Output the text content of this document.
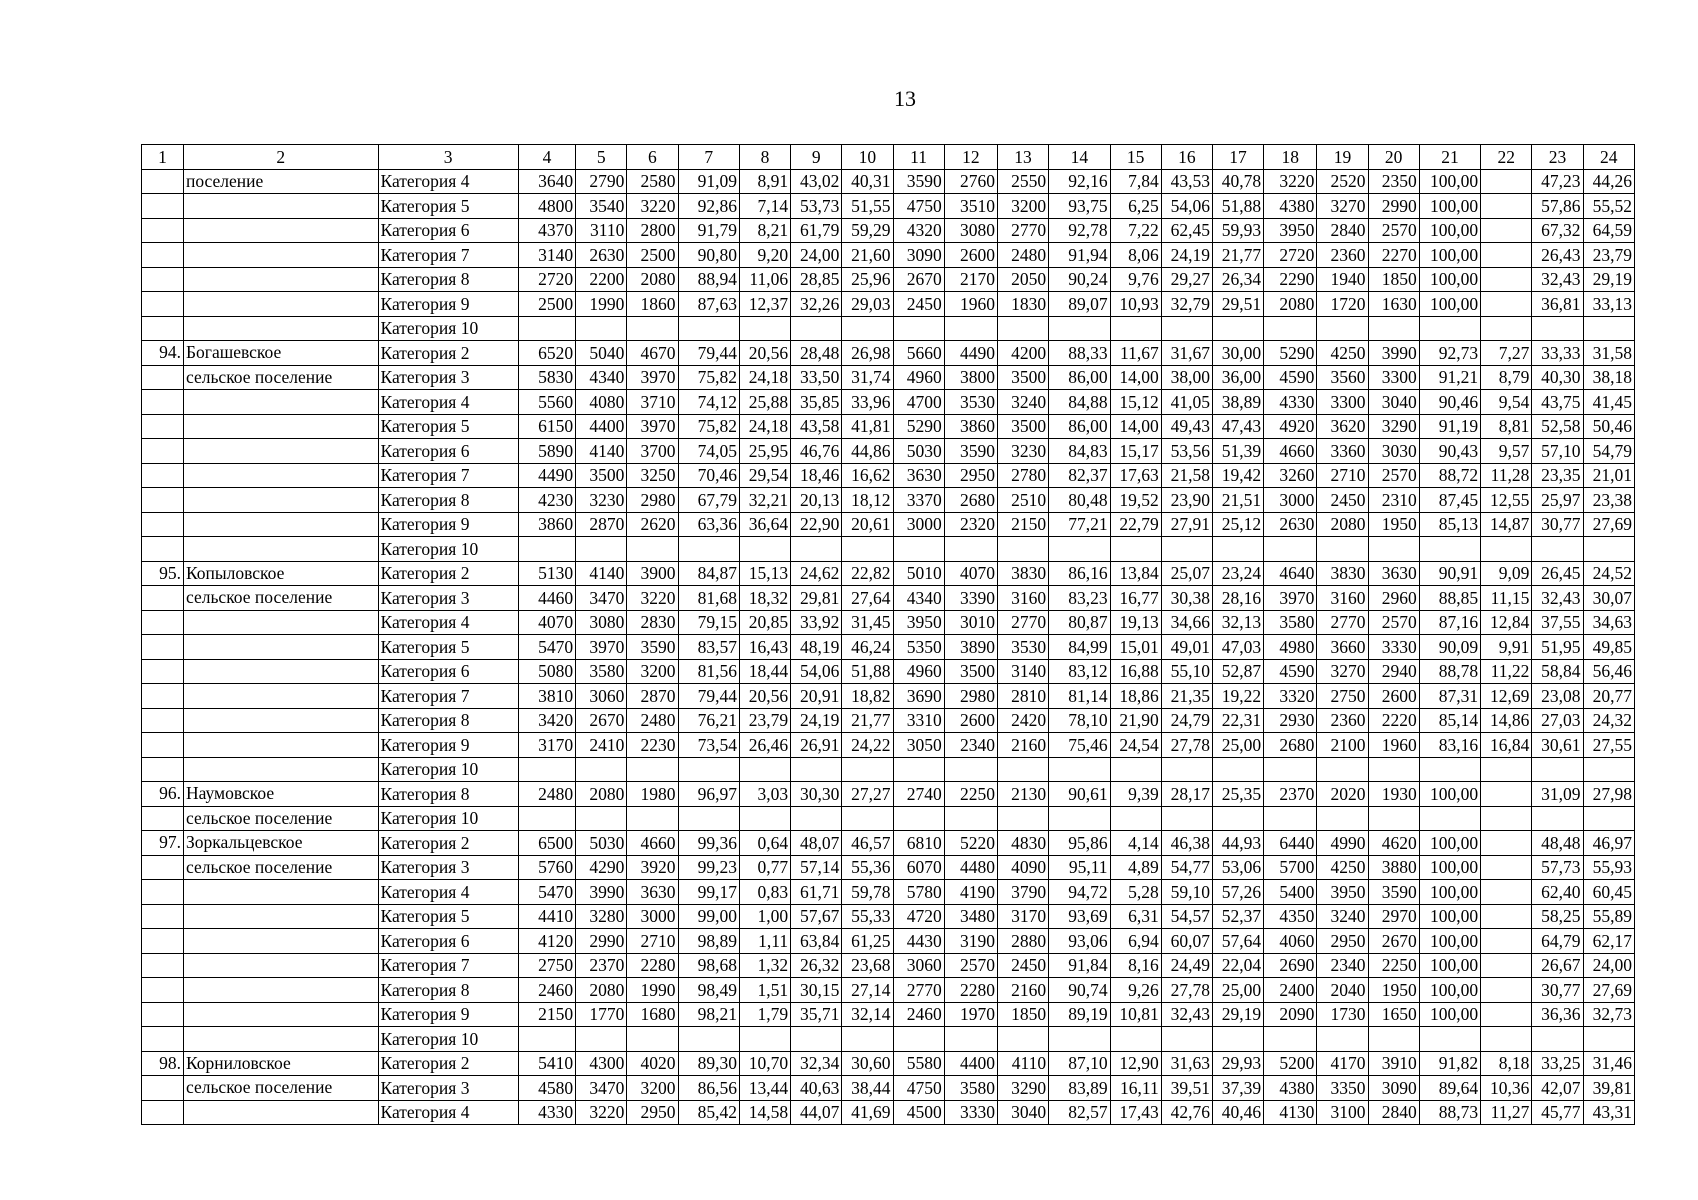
13
1	2	3	4	5	6	7	8	9	10	11	12	13	14	15	16	17	18	19	20	21	22	23	24
	поселение	Категория 4	3640	2790	2580	91,09	8,91	43,02	40,31	3590	2760	2550	92,16	7,84	43,53	40,78	3220	2520	2350	100,00		47,23	44,26
		Категория 5	4800	3540	3220	92,86	7,14	53,73	51,55	4750	3510	3200	93,75	6,25	54,06	51,88	4380	3270	2990	100,00		57,86	55,52
		Категория 6	4370	3110	2800	91,79	8,21	61,79	59,29	4320	3080	2770	92,78	7,22	62,45	59,93	3950	2840	2570	100,00		67,32	64,59
		Категория 7	3140	2630	2500	90,80	9,20	24,00	21,60	3090	2600	2480	91,94	8,06	24,19	21,77	2720	2360	2270	100,00		26,43	23,79
		Категория 8	2720	2200	2080	88,94	11,06	28,85	25,96	2670	2170	2050	90,24	9,76	29,27	26,34	2290	1940	1850	100,00		32,43	29,19
		Категория 9	2500	1990	1860	87,63	12,37	32,26	29,03	2450	1960	1830	89,07	10,93	32,79	29,51	2080	1720	1630	100,00		36,81	33,13
		Категория 10																					
94.	Богашевское	Категория 2	6520	5040	4670	79,44	20,56	28,48	26,98	5660	4490	4200	88,33	11,67	31,67	30,00	5290	4250	3990	92,73	7,27	33,33	31,58
	сельское поселение	Категория 3	5830	4340	3970	75,82	24,18	33,50	31,74	4960	3800	3500	86,00	14,00	38,00	36,00	4590	3560	3300	91,21	8,79	40,30	38,18
		Категория 4	5560	4080	3710	74,12	25,88	35,85	33,96	4700	3530	3240	84,88	15,12	41,05	38,89	4330	3300	3040	90,46	9,54	43,75	41,45
		Категория 5	6150	4400	3970	75,82	24,18	43,58	41,81	5290	3860	3500	86,00	14,00	49,43	47,43	4920	3620	3290	91,19	8,81	52,58	50,46
		Категория 6	5890	4140	3700	74,05	25,95	46,76	44,86	5030	3590	3230	84,83	15,17	53,56	51,39	4660	3360	3030	90,43	9,57	57,10	54,79
		Категория 7	4490	3500	3250	70,46	29,54	18,46	16,62	3630	2950	2780	82,37	17,63	21,58	19,42	3260	2710	2570	88,72	11,28	23,35	21,01
		Категория 8	4230	3230	2980	67,79	32,21	20,13	18,12	3370	2680	2510	80,48	19,52	23,90	21,51	3000	2450	2310	87,45	12,55	25,97	23,38
		Категория 9	3860	2870	2620	63,36	36,64	22,90	20,61	3000	2320	2150	77,21	22,79	27,91	25,12	2630	2080	1950	85,13	14,87	30,77	27,69
		Категория 10																					
95.	Копыловское	Категория 2	5130	4140	3900	84,87	15,13	24,62	22,82	5010	4070	3830	86,16	13,84	25,07	23,24	4640	3830	3630	90,91	9,09	26,45	24,52
	сельское поселение	Категория 3	4460	3470	3220	81,68	18,32	29,81	27,64	4340	3390	3160	83,23	16,77	30,38	28,16	3970	3160	2960	88,85	11,15	32,43	30,07
		Категория 4	4070	3080	2830	79,15	20,85	33,92	31,45	3950	3010	2770	80,87	19,13	34,66	32,13	3580	2770	2570	87,16	12,84	37,55	34,63
		Категория 5	5470	3970	3590	83,57	16,43	48,19	46,24	5350	3890	3530	84,99	15,01	49,01	47,03	4980	3660	3330	90,09	9,91	51,95	49,85
		Категория 6	5080	3580	3200	81,56	18,44	54,06	51,88	4960	3500	3140	83,12	16,88	55,10	52,87	4590	3270	2940	88,78	11,22	58,84	56,46
		Категория 7	3810	3060	2870	79,44	20,56	20,91	18,82	3690	2980	2810	81,14	18,86	21,35	19,22	3320	2750	2600	87,31	12,69	23,08	20,77
		Категория 8	3420	2670	2480	76,21	23,79	24,19	21,77	3310	2600	2420	78,10	21,90	24,79	22,31	2930	2360	2220	85,14	14,86	27,03	24,32
		Категория 9	3170	2410	2230	73,54	26,46	26,91	24,22	3050	2340	2160	75,46	24,54	27,78	25,00	2680	2100	1960	83,16	16,84	30,61	27,55
		Категория 10																					
96.	Наумовское	Категория 8	2480	2080	1980	96,97	3,03	30,30	27,27	2740	2250	2130	90,61	9,39	28,17	25,35	2370	2020	1930	100,00		31,09	27,98
	сельское поселение	Категория 10																					
97.	Зоркальцевское	Категория 2	6500	5030	4660	99,36	0,64	48,07	46,57	6810	5220	4830	95,86	4,14	46,38	44,93	6440	4990	4620	100,00		48,48	46,97
	сельское поселение	Категория 3	5760	4290	3920	99,23	0,77	57,14	55,36	6070	4480	4090	95,11	4,89	54,77	53,06	5700	4250	3880	100,00		57,73	55,93
		Категория 4	5470	3990	3630	99,17	0,83	61,71	59,78	5780	4190	3790	94,72	5,28	59,10	57,26	5400	3950	3590	100,00		62,40	60,45
		Категория 5	4410	3280	3000	99,00	1,00	57,67	55,33	4720	3480	3170	93,69	6,31	54,57	52,37	4350	3240	2970	100,00		58,25	55,89
		Категория 6	4120	2990	2710	98,89	1,11	63,84	61,25	4430	3190	2880	93,06	6,94	60,07	57,64	4060	2950	2670	100,00		64,79	62,17
		Категория 7	2750	2370	2280	98,68	1,32	26,32	23,68	3060	2570	2450	91,84	8,16	24,49	22,04	2690	2340	2250	100,00		26,67	24,00
		Категория 8	2460	2080	1990	98,49	1,51	30,15	27,14	2770	2280	2160	90,74	9,26	27,78	25,00	2400	2040	1950	100,00		30,77	27,69
		Категория 9	2150	1770	1680	98,21	1,79	35,71	32,14	2460	1970	1850	89,19	10,81	32,43	29,19	2090	1730	1650	100,00		36,36	32,73
		Категория 10																					
98.	Корниловское	Категория 2	5410	4300	4020	89,30	10,70	32,34	30,60	5580	4400	4110	87,10	12,90	31,63	29,93	5200	4170	3910	91,82	8,18	33,25	31,46
	сельское поселение	Категория 3	4580	3470	3200	86,56	13,44	40,63	38,44	4750	3580	3290	83,89	16,11	39,51	37,39	4380	3350	3090	89,64	10,36	42,07	39,81
		Категория 4	4330	3220	2950	85,42	14,58	44,07	41,69	4500	3330	3040	82,57	17,43	42,76	40,46	4130	3100	2840	88,73	11,27	45,77	43,31
